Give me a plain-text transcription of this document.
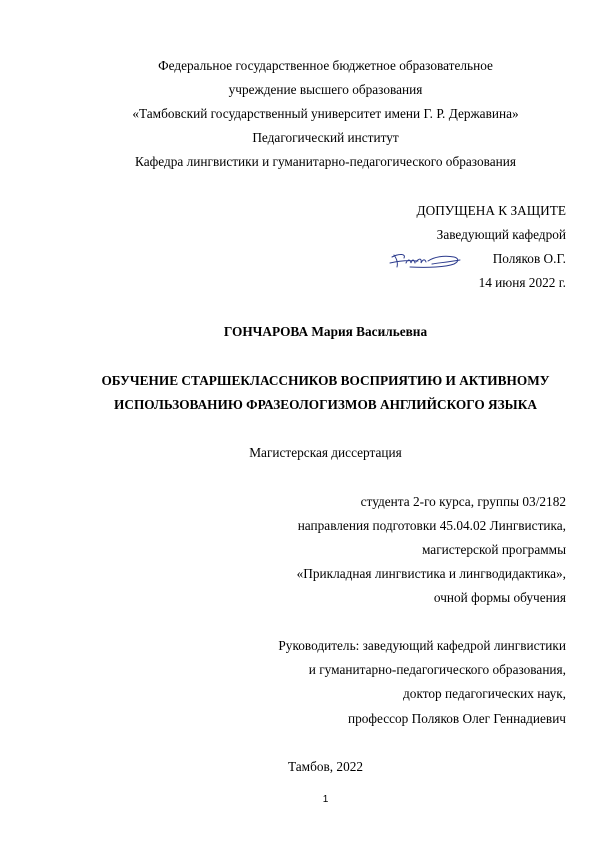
Федеральное государственное бюджетное образовательное
учреждение высшего образования
«Тамбовский государственный университет имени Г. Р. Державина»
Педагогический институт
Кафедра лингвистики и гуманитарно-педагогического образования
ДОПУЩЕНА К ЗАЩИТЕ
Заведующий кафедрой
Поляков О.Г.
14 июня 2022 г.
ГОНЧАРОВА Мария Васильевна
ОБУЧЕНИЕ СТАРШЕКЛАССНИКОВ ВОСПРИЯТИЮ И АКТИВНОМУ
ИСПОЛЬЗОВАНИЮ ФРАЗЕОЛОГИЗМОВ АНГЛИЙСКОГО ЯЗЫКА
Магистерская диссертация
студента 2-го курса, группы 03/2182
направления подготовки 45.04.02 Лингвистика,
магистерской программы
«Прикладная лингвистика и лингводидактика»,
очной формы обучения
Руководитель: заведующий кафедрой лингвистики
и гуманитарно-педагогического образования,
доктор педагогических наук,
профессор Поляков Олег Геннадиевич
Тамбов, 2022
1
